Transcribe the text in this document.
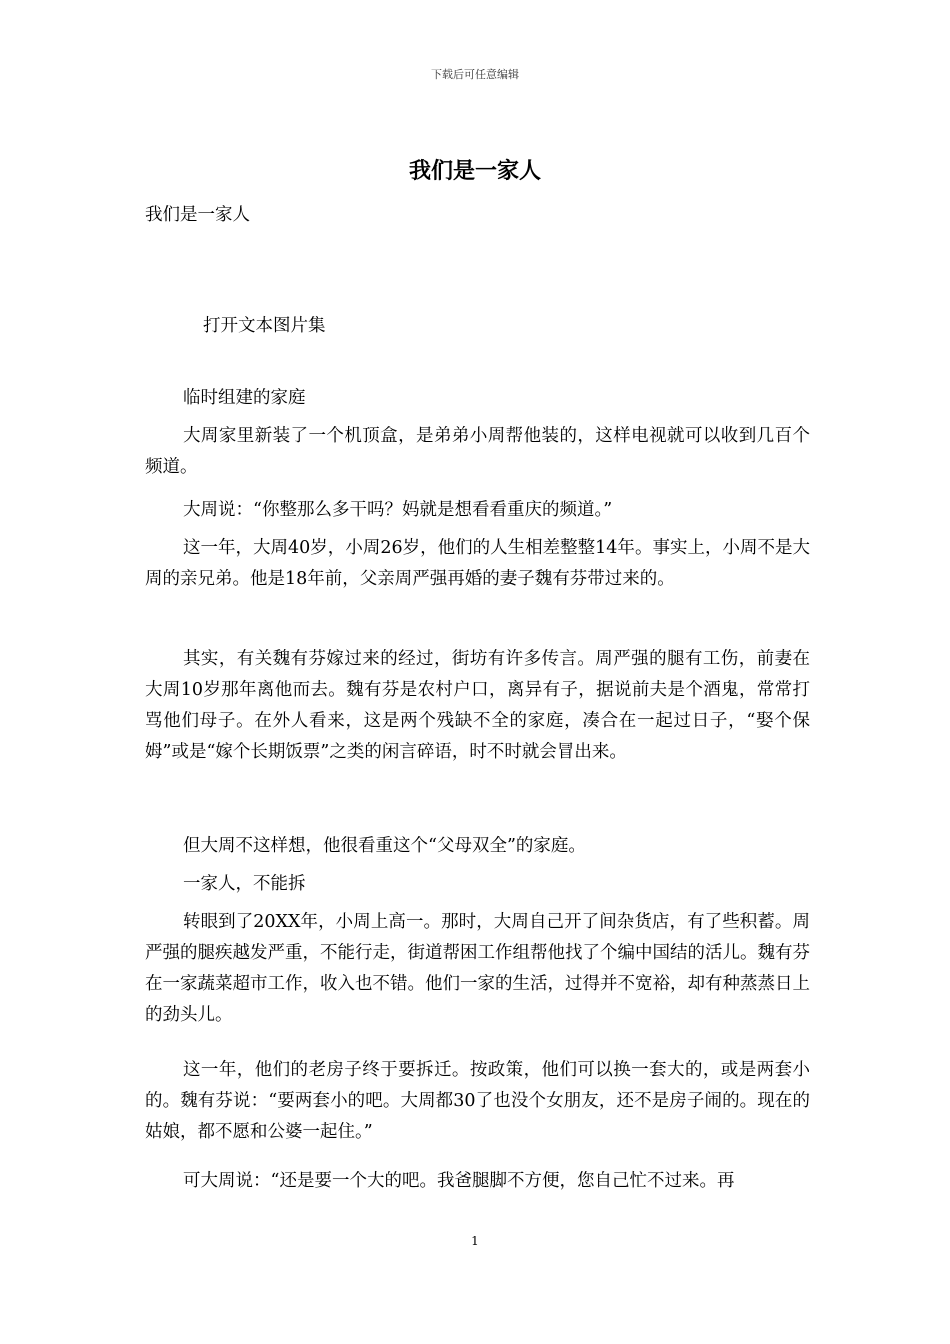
下载后可任意编辑
我们是一家人

我们是一家人

打开文本图片集

临时组建的家庭

大周家里新装了一个机顶盒，是弟弟小周帮他装的，这样电视就可以收到几百个频道。

大周说：“你整那么多干吗？妈就是想看看重庆的频道。”

这一年，大周40岁，小周26岁，他们的人生相差整整14年。事实上，小周不是大周的亲兄弟。他是18年前，父亲周严强再婚的妻子魏有芬带过来的。

其实，有关魏有芬嫁过来的经过，街坊有许多传言。周严强的腿有工伤，前妻在大周10岁那年离他而去。魏有芬是农村户口，离异有子，据说前夫是个酒鬼，常常打骂他们母子。在外人看来，这是两个残缺不全的家庭，凑合在一起过日子，“娶个保姆”或是“嫁个长期饭票”之类的闲言碎语，时不时就会冒出来。

但大周不这样想，他很看重这个“父母双全”的家庭。

一家人，不能拆

转眼到了20XX年，小周上高一。那时，大周自己开了间杂货店，有了些积蓄。周严强的腿疾越发严重，不能行走，街道帮困工作组帮他找了个编中国结的活儿。魏有芬在一家蔬菜超市工作，收入也不错。他们一家的生活，过得并不宽裕，却有种蒸蒸日上的劲头儿。

这一年，他们的老房子终于要拆迁。按政策，他们可以换一套大的，或是两套小的。魏有芬说：“要两套小的吧。大周都30了也没个女朋友，还不是房子闹的。现在的姑娘，都不愿和公婆一起住。”

可大周说：“还是要一个大的吧。我爸腿脚不方便，您自己忙不过来。再

1
